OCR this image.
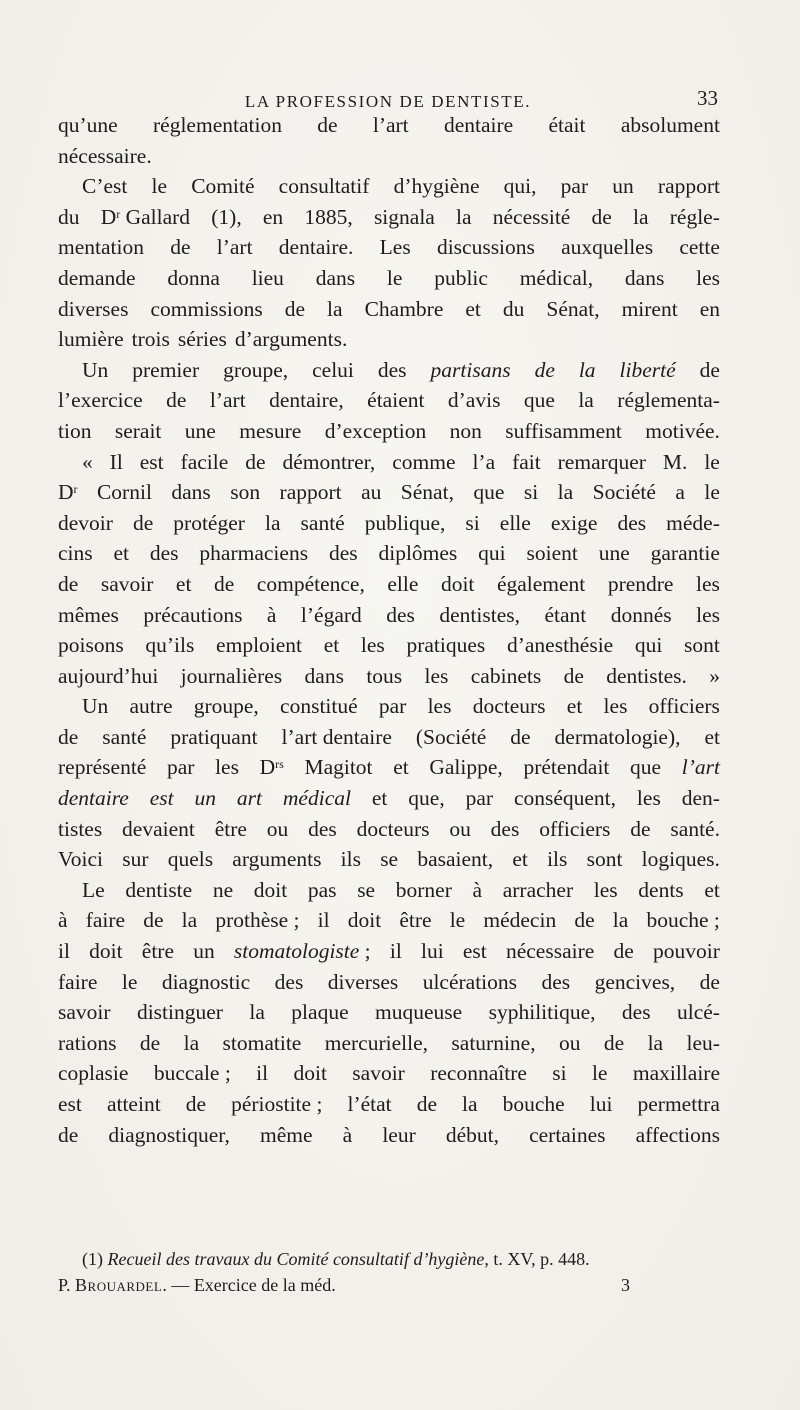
LA PROFESSION DE DENTISTE.	33
qu’une réglementation de l’art dentaire était absolument
nécessaire.
C’est le Comité consultatif d’hygiène qui, par un rapport
du $D^r$ Gallard (1), en 1885, signala la nécessité de la régle-
mentation de l’art dentaire. Les discussions auxquelles cette
demande donna lieu dans le public médical, dans les
diverses commissions de la Chambre et du Sénat, mirent en
lumière trois séries d’arguments.
Un premier groupe, celui des partisans de la liberté de
l’exercice de l’art dentaire, étaient d’avis que la réglementa-
tion serait une mesure d’exception non suffisamment motivée.
« Il est facile de démontrer, comme l’a fait remarquer M. le
$D^r$ Cornil dans son rapport au Sénat, que si la Société a le
devoir de protéger la santé publique, si elle exige des méde-
cins et des pharmaciens des diplômes qui soient une garantie
de savoir et de compétence, elle doit également prendre les
mêmes précautions à l’égard des dentistes, étant donnés les
poisons qu’ils emploient et les pratiques d’anesthésie qui sont
aujourd’hui journalières dans tous les cabinets de dentistes. »
Un autre groupe, constitué par les docteurs et les officiers
de santé pratiquant l’art dentaire (Société de dermatologie), et
représenté par les $D^{rs}$ Magitot et Galippe, prétendait que l’art
dentaire est un art médical et que, par conséquent, les den-
tistes devaient être ou des docteurs ou des officiers de santé.
Voici sur quels arguments ils se basaient, et ils sont logiques.
Le dentiste ne doit pas se borner à arracher les dents et
à faire de la prothèse ; il doit être le médecin de la bouche ;
il doit être un stomatologiste ; il lui est nécessaire de pouvoir
faire le diagnostic des diverses ulcérations des gencives, de
savoir distinguer la plaque muqueuse syphilitique, des ulcé-
rations de la stomatite mercurielle, saturnine, ou de la leu-
coplasie buccale ; il doit savoir reconnaître si le maxillaire
est atteint de périostite ; l’état de la bouche lui permettra
de diagnostiquer, même à leur début, certaines affections
(1) Recueil des travaux du Comité consultatif d’hygiène, t. XV, p. 448.
P. Brouardel. — Exercice de la méd.	3
